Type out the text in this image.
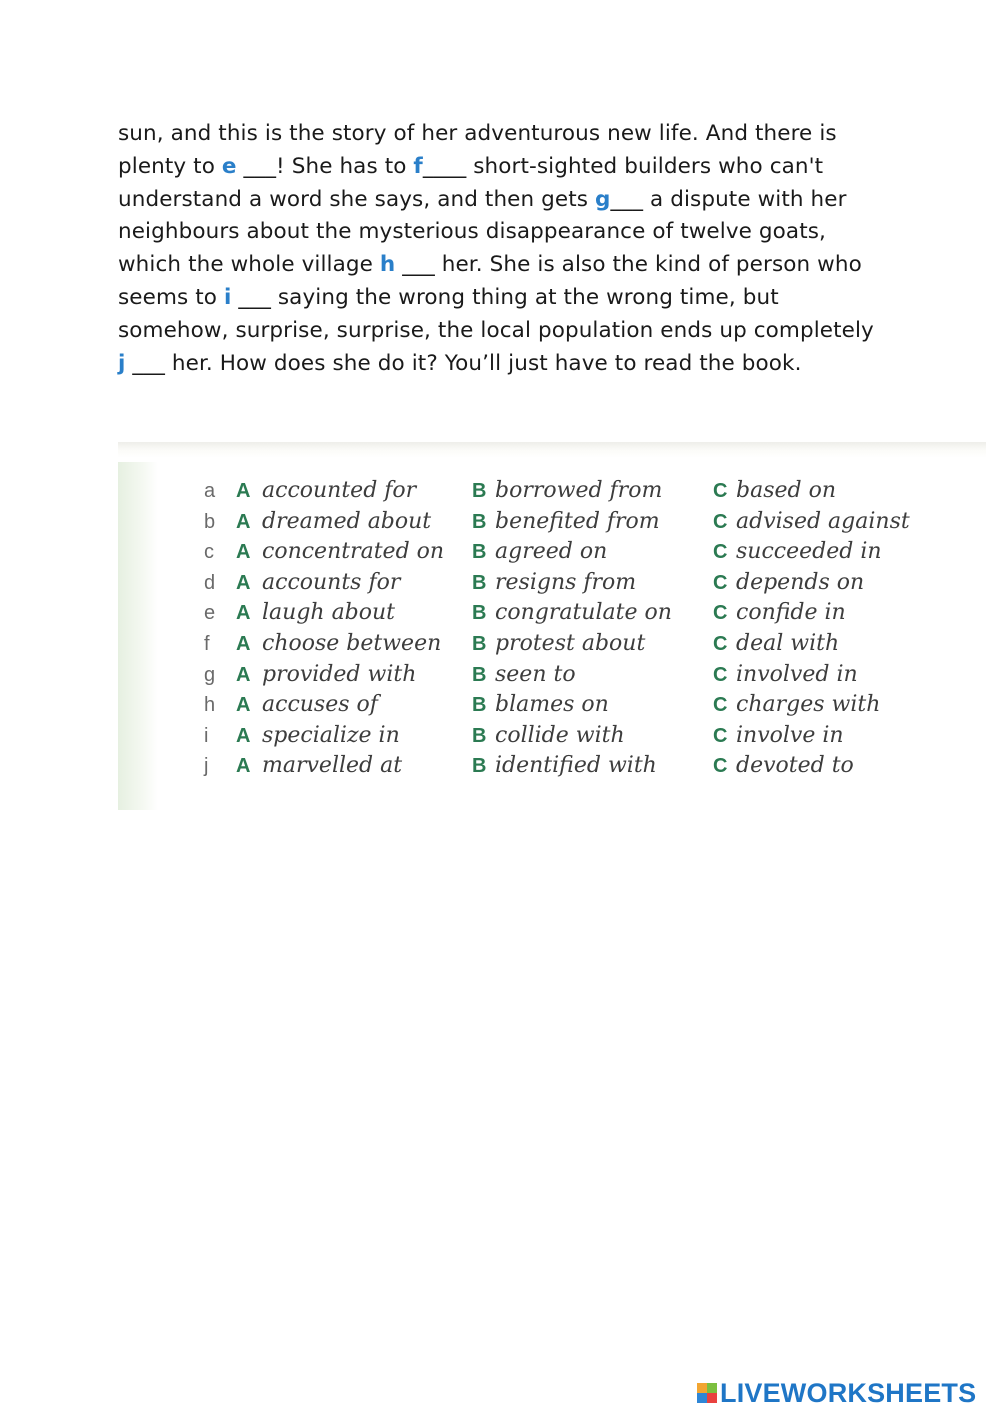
sun, and this is the story of her adventurous new life. And there is
plenty to e ___! She has to f____ short-sighted builders who can't
understand a word she says, and then gets g___ a dispute with her
neighbours about the mysterious disappearance of twelve goats,
which the whole village h ___ her. She is also the kind of person who
seems to i ___ saying the wrong thing at the wrong time, but
somehow, surprise, surprise, the local population ends up completely
j ___ her. How does she do it? You’ll just have to read the book.
a	A accounted for	B borrowed from	C based on
b	A dreamed about B benefited from	C advised against
c	A concentrated on B agreed on	C succeeded in
d	A accounts for	B resigns from	C depends on
e	A laugh about	B congratulate on C confide in
f	A choose between B protest about	C deal with
g	A provided with	B seen to	C involved in
h	A accuses of	B blames on	C charges with
i	A specialize in	B collide with	C involve in
j	A marvelled at	B identified with	C devoted to
LIVEWORKSHEETS
